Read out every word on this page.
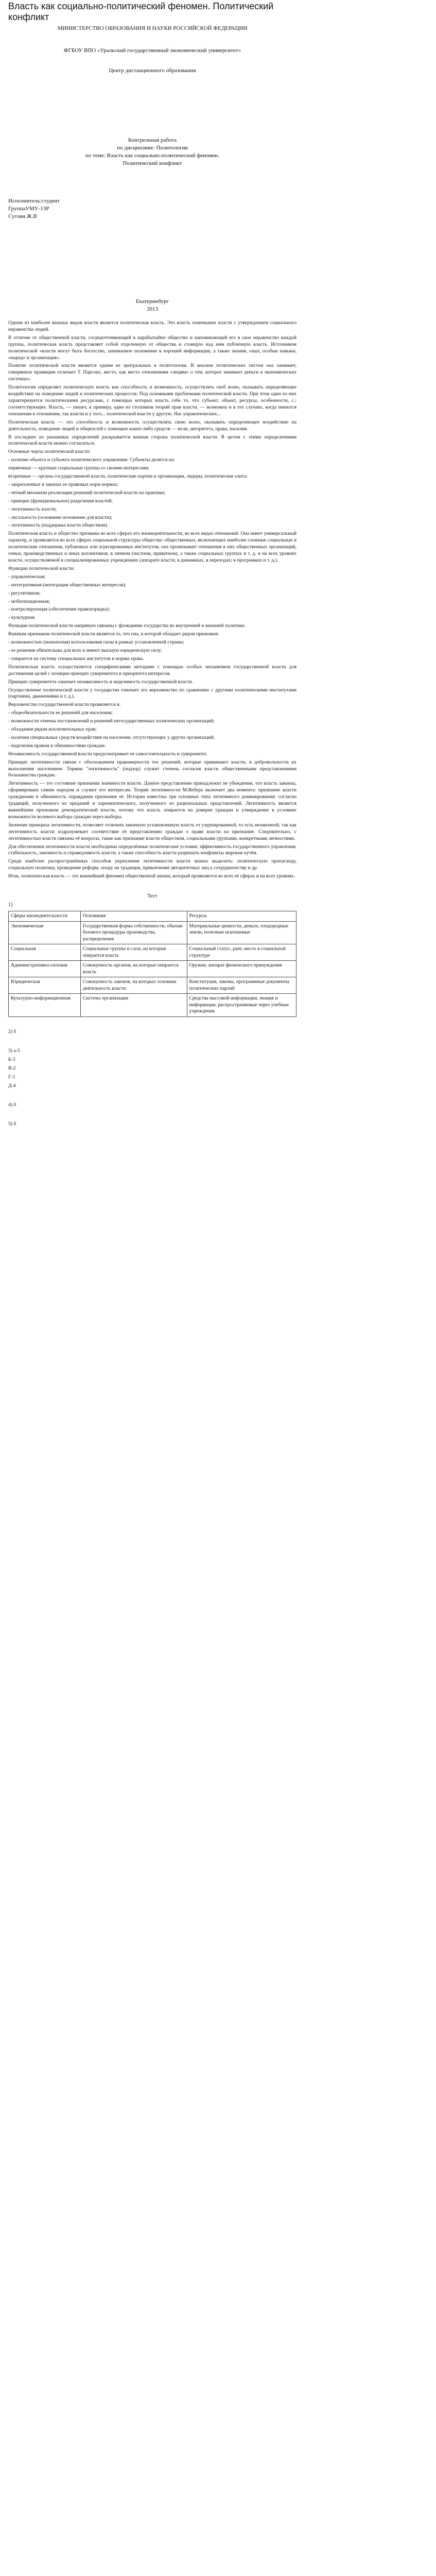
Власть как социально-политический феномен. Политический конфликт
МИНИСТЕРСТВО ОБРАЗОВАНИЯ И НАУКИ РОССИЙСКОЙ ФЕДЕРАЦИИ
ФГБОУ ВПО «Уральский государственный экономический университет»
Центр дистанционного образования
Контрольная работа
по дисциплине: Политология
по теме: Власть как социально-политический феномен.
Политический конфликт
Исполнитель:студент
ГруппаУМУ-13Р
Сугоян.Ж.В
Екатеринбург
2013

Одним из наиболее важных видов власти является политическая власть. Это власть поменьших власти с утверждением социального неравенства людей.

В отличие от общественной власти, сосредоточивающей в нарабытыйне общество и напоминающей его в свое неравенство каждой группы, политическая власть представляет собой отделенную от общества и стоящую над ним публичную власть. Источником политической «власти могут быть богатство, занимаемое положение в хорошей информации, а также знания, опыт, особые навыки, «народ» и организация».

Понятие политической власти является одним из центральных в политологии. В анализе политических систем она занимает, говорянное правящим отличает Т. Парсонс, место, как место отношениям «людям» о тем, которое занимает деньги в экономических системах».

Политология определяет политическую власть как способность и возможность, осуществлять своб волю, оказывать определяющее воздействие на поведение людей и политических процессов. Под основными проблемами политической власти. При этом один из них характеризуется политическими ресурсами, с помощью которых власть себе то, что субъект, объект, ресурсы, особенности, с.: соответствующих. Власть, — пишет, к примеру, один из столпиков теорий прав власти, — возможна и в тех случаях, когда имеются отношения в отношения, так власти и у того... политической власти у другую. Нас управленческих...

Политическая власть — это способность и возможность осуществлять свою волю, оказывать определяющее воздействие на деятельность, поведение людей и общностей с помощью каких-либо средств — воли, авторитета, права, насилия.

В последнее из указанных определений раскрывается важная сторона политической власти. В целом с этими определениями политической власти можно согласиться.

Основные черты политической власти:

- наличие объекта и субъекта политического управления. Субъекты делятся на:

первичные — крупные социальные группы со своими интересами;

вторичные — органы государственной власти, политические партии и организации, лидеры, политическая элита;

- закрепленных в законах ее правовых норм нормах;

- четкий механизм реализации решений политической власти на практике;

- принцип (функциональное) разделения властей;

- легитимность власти;

- легальность (основание положение для власти);

- легитимность (поддержка власти обществом).

Политическая власть и общество призваны во всех сферах его жизнедеятельности, во всех видах отношений. Она имеет универсальный характер, и проявляется во всех сферах социальной структуры общества: общественных, включающих наиболее сложные социальные и политические отношения, публичных или агрегированных институтов, она пронизывает отношения в них общественных организаций, семьи, производственных и иных коллективов; в личном (частном, приватном), а также социальных группах и т. д. и на всех уровнях власти, осуществляемой в специализированных учреждениях (аппарате власти, в динамиках, в переходах; в программах и т. д.).

Функции политической власти:

- управленческая;

- интегративная (интеграция общественных интересов);

- регулятивная;

- мобилизационная;

- контролирующая (обеспечение правопорядка);

- культурная.

Функции политической власти напрямую связаны с функциями государства во внутренней и внешней политике.

Важным признаком политической власти является то, что она, в которой обладает рядом признаков:

- возможностью (монополия) использования силы в рамках установленной страны;

- ее решения обязательны для всех и имеют высшую юридическую силу;

- опирается на систему специальных институтов и нормы права.

Политическая власть осуществляется специфическими методами с помощью особых механизмов государственной власти для достижения целей с позиции принцип суверенитета и приоритета интересов.

Принцип суверенитета означает независимость и неделимость государственной власти.

Осуществление политической власти у государства означает его верховенство по сравнению с другими политическими институтами (партиями, движениями и т. д.).

Верховенство государственной власти проявляется в:

- общеобязательности ее решений для населения;

- возможности отмены постановлений и решений негосударственных политических организаций;

- обладании рядом исключительных прав;

- наличии специальных средств воздействия на население, отсутствующих у других организаций;

- наделения правом и обязанностями граждан.

Независимость государственной власти предусматривает ее самостоятельность и суверенитет.

Принцип легитимности связан с обоснованием правомерности тех решений, которые принимают власти, в добровольности их выполнения населением. Термин "легитимность" (подзор) служит степень согласия власти общественными представлениями большинства граждан.

Легитимность — это состояние признания значимости власти. Данное представление принадлежит не убеждении, что власть законна, сформирована самим народом и служит его интересам. Теория легитимности М.Вебера включает два момента: признание власти гражданами и обязанность оправдания признания её. Истории известны три основных типа легитимного доминирования: согласно традиций, полученного из преданий и харизматического, полученного из рациональных представлений. Легитимность является важнейшим признаком демократической власти, потому что власть опирается на доверие граждан и утверждение в условиях возможности волевого выбора граждан через выборы.

Значение принципа легитимности, позволяет отличить законную установленную власть от узурпированной, то есть незаконной, так как легитимность власти подразумевает соответствие её представлению граждан о праве власти на признание. Следовательно, с легитимностью власти связаны её вопросы, такие как признание власти обществом, социальными группами, конкретными личностями.

Для обеспечения легитимности власти необходимы определённые политические условия: эффективность государственного управления, стабильность, законность и справедливость власти, а также способность власти разрешать конфликты мирным путём.

Среди наиболее распространённых способов укрепления легитимности власти можно выделить: политическую пропаганду, социальную политику, проведение реформ, опору на традиции, привлечение авторитетных лиц к сотрудничеству и др.

Итак, политическая власть — это важнейший феномен общественной жизни, который проявляется во всех её сферах и на всех уровнях.

Тест
1)
Сферы жизнедеятельности	Основания	Ресурсы
Экономическая	Государственная форма собственности, обычаи базового процедуры производства, распределения	Материальные ценности, деньги, плодородные земли, полезные ископаемые
Социальная	Социальные группы и слои, на которые опирается власть	Социальный статус, ранг, место в социальной структуре
Административно-силовая	Совокупность органов, на которые опирается власть	Оружие, аппарат физического принуждения
Юридическая	Совокупность законов, на которых основана деятельность власти	Конституция, законы, программные документы политических партий
Культурно-информационная	Система организации	Средства массовой информации, знания и информация, распространяемые через учебные учреждения
2) б
3) а-5
Б-3
В-2
Г-1
Д-4
4) б
5) б
